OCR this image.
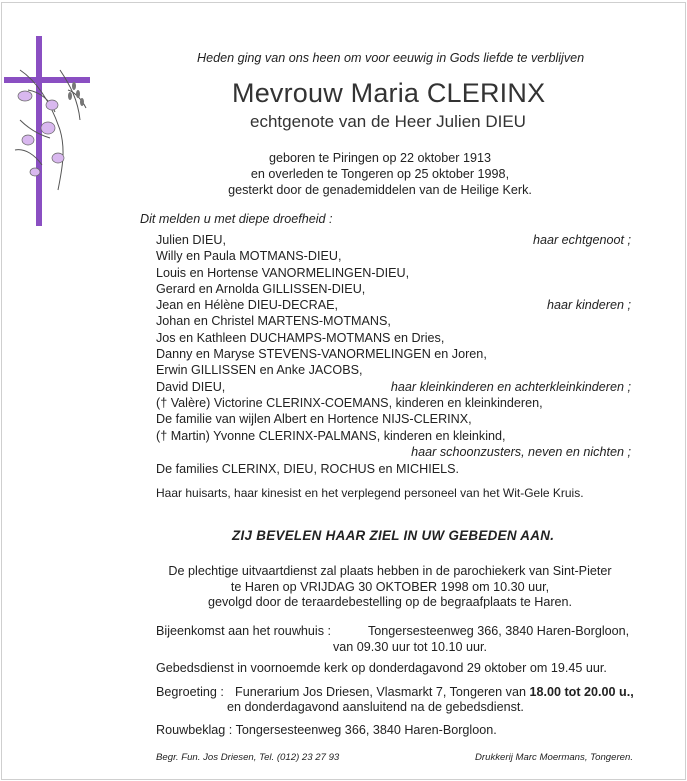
Heden ging van ons heen om voor eeuwig in Gods liefde te verblijven
Mevrouw Maria CLERINX
echtgenote van de Heer Julien DIEU
geboren te Piringen op 22 oktober 1913
en overleden te Tongeren op 25 oktober 1998,
gesterkt door de genademiddelen van de Heilige Kerk.
Dit melden u met diepe droefheid :
Julien DIEU,	haar echtgenoot ;
Willy en Paula MOTMANS-DIEU,
Louis en Hortense VANORMELINGEN-DIEU,
Gerard en Arnolda GILLISSEN-DIEU,
Jean en Hélène DIEU-DECRAE,	haar kinderen ;
Johan en Christel MARTENS-MOTMANS,
Jos en Kathleen DUCHAMPS-MOTMANS en Dries,
Danny en Maryse STEVENS-VANORMELINGEN en Joren,
Erwin GILLISSEN en Anke JACOBS,
David DIEU,	haar kleinkinderen en achterkleinkinderen ;
(† Valère) Victorine CLERINX-COEMANS, kinderen en kleinkinderen,
De familie van wijlen Albert en Hortence NIJS-CLERINX,
(† Martin) Yvonne CLERINX-PALMANS, kinderen en kleinkind,
haar schoonzusters, neven en nichten ;
De families CLERINX, DIEU, ROCHUS en MICHIELS.
Haar huisarts, haar kinesist en het verplegend personeel van het Wit-Gele Kruis.
ZIJ BEVELEN HAAR ZIEL IN UW GEBEDEN AAN.
De plechtige uitvaartdienst zal plaats hebben in de parochiekerk van Sint-Pieter
te Haren op VRIJDAG 30 OKTOBER 1998 om 10.30 uur,
gevolgd door de teraardebestelling op de begraafplaats te Haren.
Bijeenkomst aan het rouwhuis :	Tongersesteenweg 366, 3840 Haren-Borgloon,
van 09.30 uur tot 10.10 uur.
Gebedsdienst in voornoemde kerk op donderdagavond 29 oktober om 19.45 uur.
Begroeting : Funerarium Jos Driesen, Vlasmarkt 7, Tongeren van 18.00 tot 20.00 u.,
en donderdagavond aansluitend na de gebedsdienst.
Rouwbeklag : Tongersesteenweg 366, 3840 Haren-Borgloon.
Begr. Fun. Jos Driesen, Tel. (012) 23 27 93	Drukkerij Marc Moermans, Tongeren.
